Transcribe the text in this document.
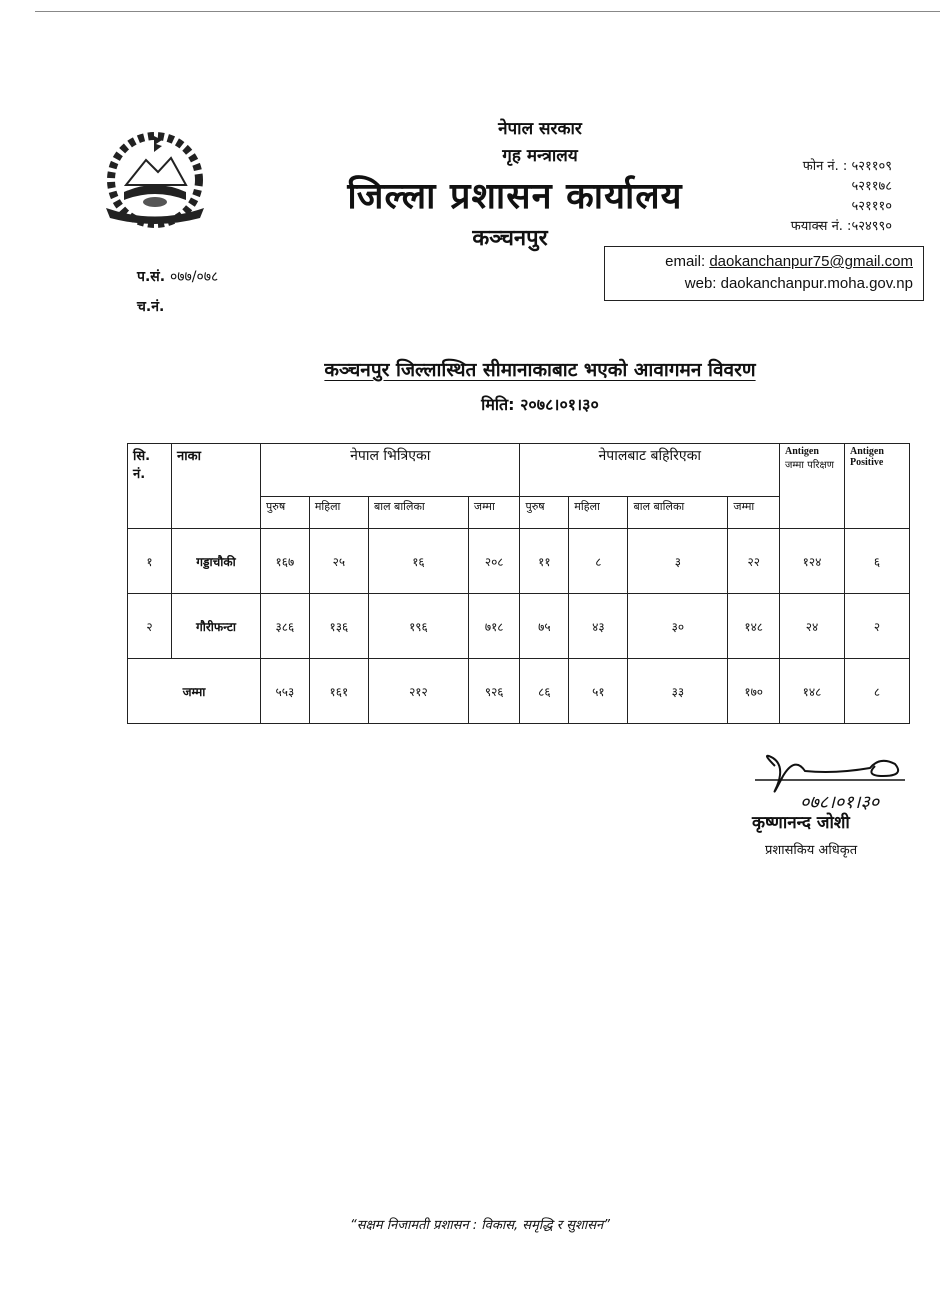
नेपाल सरकार
गृह मन्त्रालय
जिल्ला प्रशासन कार्यालय
कञ्चनपुर
फोन नं. : ५२११०९
५२११७८
५२१११०
फयाक्स नं. :५२४९९०
email: daokanchanpur75@gmail.com
web: daokanchanpur.moha.gov.np
प.सं. ०७७/०७८
च.नं.
कञ्चनपुर जिल्लास्थित सीमानाकाबाट भएको आवागमन विवरण
मिति: २०७८।०१।३०
सि. नं.	नाका	नेपाल भित्रिएका				नेपालबाट बहिरिएका				Antigen
जम्मा परिक्षण	Antigen Positive
		पुरुष	महिला	बाल बालिका	जम्मा	पुरुष	महिला	बाल बालिका	जम्मा		
१	गड्डाचौकी	१६७	२५	१६	२०८	११	८	३	२२	१२४	६
२	गौरीफन्टा	३८६	१३६	१९६	७१८	७५	४३	३०	१४८	२४	२
जम्मा		५५३	१६१	२१२	९२६	८६	५१	३३	१७०	१४८	८
०७८।०१।३०
कृष्णानन्द जोशी
प्रशासकिय अधिकृत
“सक्षम निजामती प्रशासन : विकास, समृद्धि र सुशासन”
